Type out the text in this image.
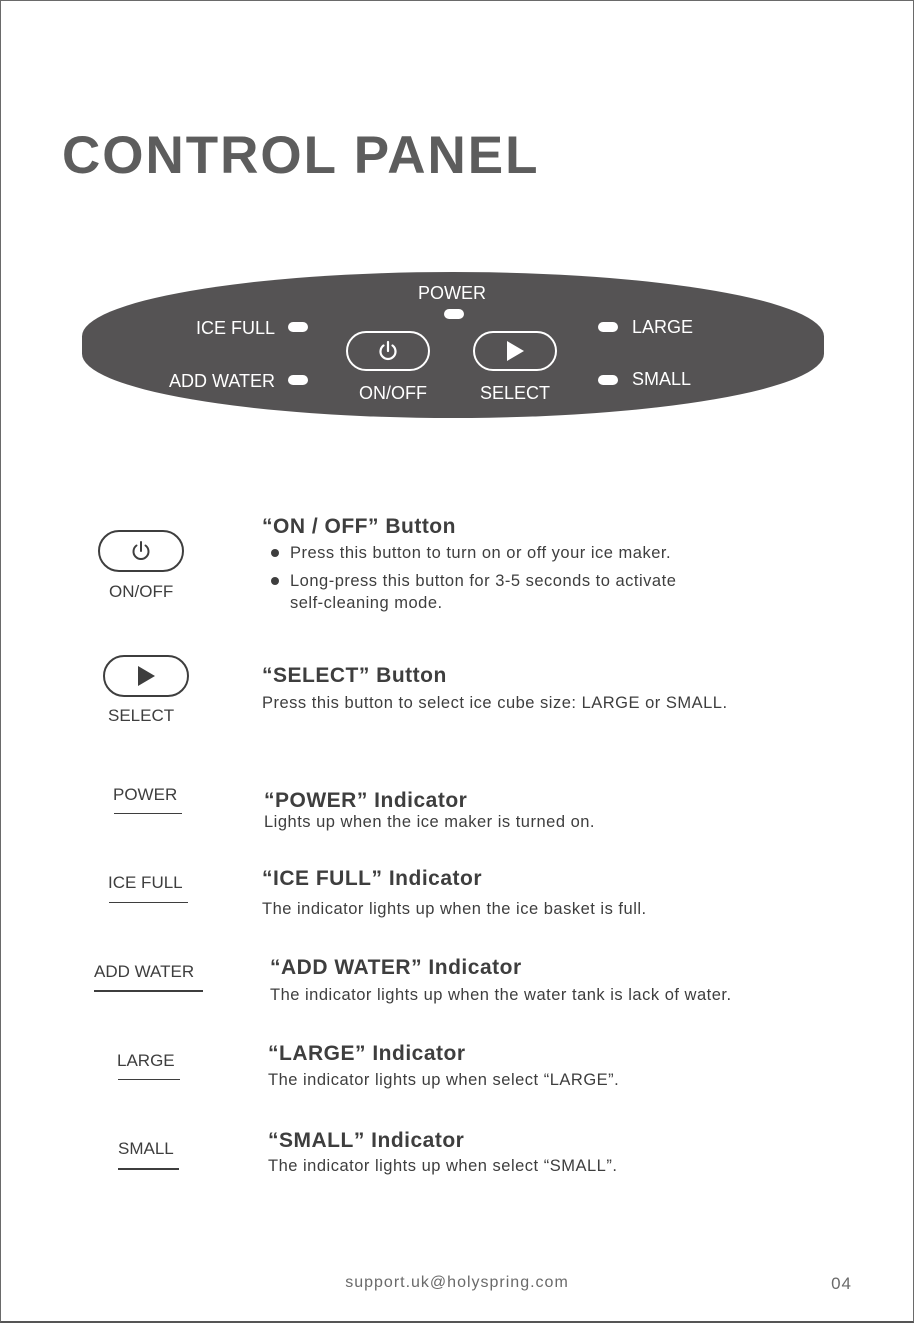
CONTROL PANEL
POWER
ICE FULL
ADD WATER
ON/OFF	SELECT
LARGE
SMALL
ON/OFF
“ON / OFF” Button
Press this button to turn on or off your ice maker.
Long-press this button for 3-5 seconds to activate
self-cleaning mode.
SELECT
“SELECT” Button
Press this button to select ice cube size: LARGE or SMALL.
POWER	“POWER” Indicator
Lights up when the ice maker is turned on.
ICE FULL	“ICE FULL” Indicator
The indicator lights up when the ice basket is full.
ADD WATER	“ADD WATER” Indicator
The indicator lights up when the water tank is lack of water.
LARGE	“LARGE” Indicator
The indicator lights up when select “LARGE”.
SMALL	“SMALL” Indicator
The indicator lights up when select “SMALL”.
support.uk@holyspring.com	04
